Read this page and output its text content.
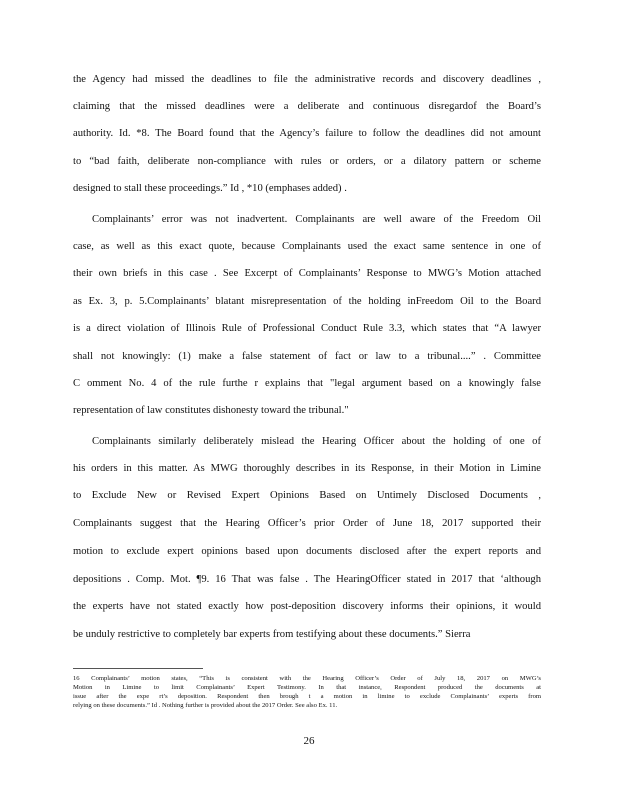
the Agency had missed the deadlines to file the administrative records and discovery deadlines ,
claiming that the missed deadlines were a deliberate and continuous disregardof the Board’s
authority. Id. *8. The Board found that the Agency’s failure to follow the deadlines did not amount
to “bad faith, deliberate non-compliance with rules or orders, or a dilatory pattern or scheme
designed to stall these proceedings.” Id , *10 (emphases added) .
Complainants’ error was not inadvertent. Complainants are well aware of the Freedom Oil
case, as well as this exact quote, because Complainants used the exact same sentence in one of
their own briefs in this case . See Excerpt of Complainants’ Response to MWG’s Motion attached
as Ex. 3, p. 5.Complainants’ blatant misrepresentation of the holding inFreedom Oil to the Board
is a direct violation of Illinois Rule of Professional Conduct Rule 3.3, which states that “A lawyer
shall not knowingly: (1) make a false statement of fact or law to a tribunal....” . Committee
C omment No. 4 of the rule furthe r explains that "legal argument based on a knowingly false
representation of law constitutes dishonesty toward the tribunal."
Complainants similarly deliberately mislead the Hearing Officer about the holding of one of
his orders in this matter. As MWG thoroughly describes in its Response, in their Motion in Limine
to Exclude New or Revised Expert Opinions Based on Untimely Disclosed Documents ,
Complainants suggest that the Hearing Officer’s prior Order of June 18, 2017 supported their
motion to exclude expert opinions based upon documents disclosed after the expert reports and
depositions . Comp. Mot. ¶9. 16 That was false . The HearingOfficer stated in 2017 that ‘although
the experts have not stated exactly how post-deposition discovery informs their opinions, it would
be unduly restrictive to completely bar experts from testifying about these documents.” Sierra
16 Complainants’ motion states, “This is consistent with the Hearing Officer’s Order of July 18, 2017 on MWG’s
Motion in Limine to limit Complainants’ Expert Testimony. In that instance, Respondent produced the documents at
issue after the expe rt’s deposition. Respondent then brough t a motion in limine to exclude Complainants’ experts from
relying on these documents.” Id . Nothing further is provided about the 2017 Order. See also Ex. 11.
26
